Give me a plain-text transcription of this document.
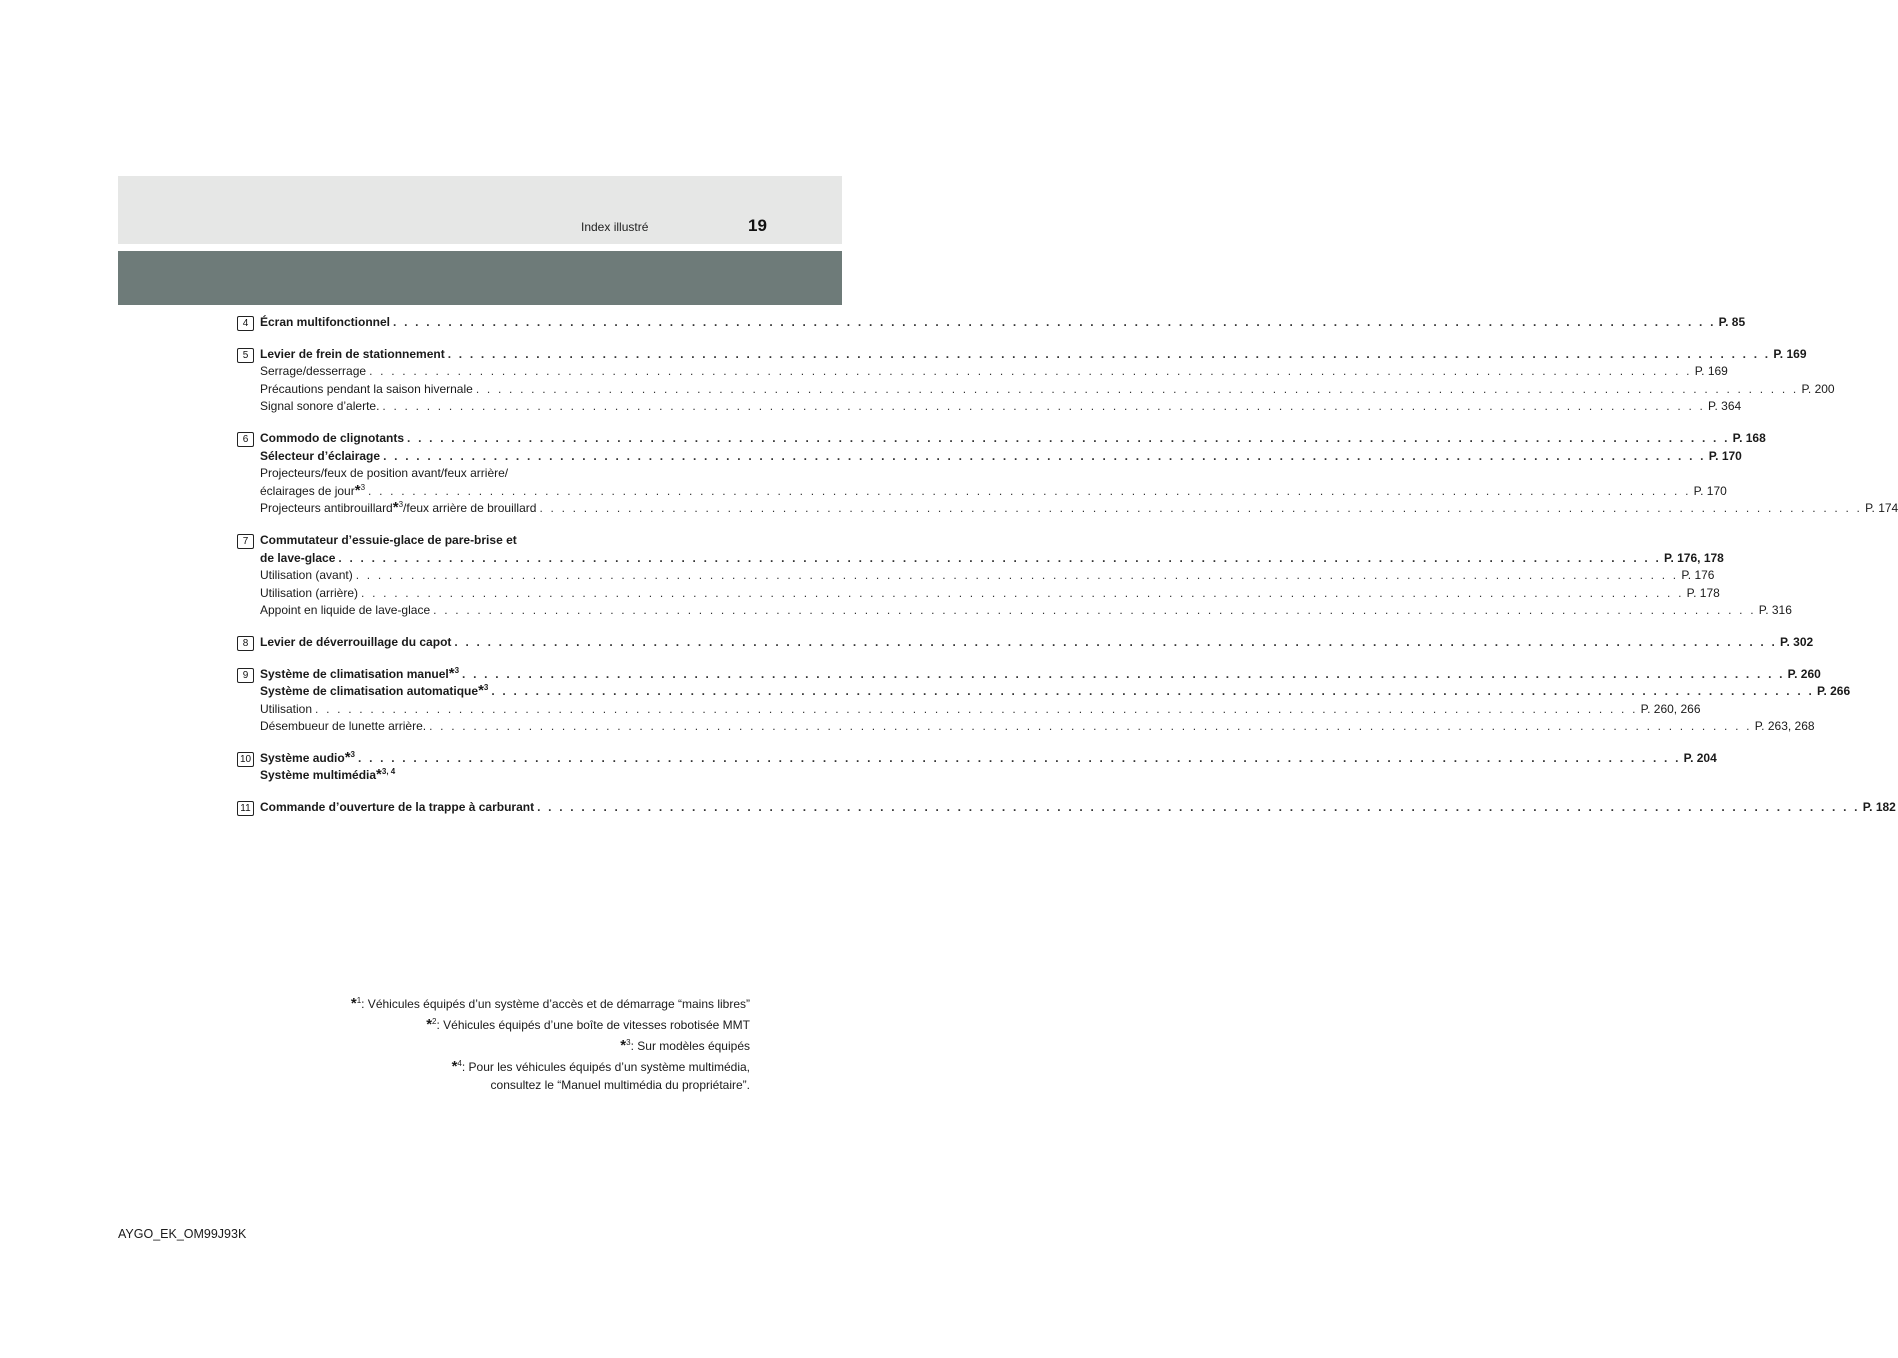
Index illustré	19
4 Écran multifonctionnel . . . . . . . . . . . . . . . . . . . . . . . . . . . . . . . . . . . . . . . . . . . . . . . . . . . . . . . . . . . . . . . . . . . . . . . . . . . . . . . . . . . . . . . . . . . . . . . . . . . . . . . . . . . . . . . . . . . . . . . . P. 85
5 Levier de frein de stationnement . . . . . . . . . . . . . . . . . . . . . . . . . . . . . . . . . . . . . . . . . . . . . . . . . . . . . . . . . . . . . . . . . . . . . . . . . . . . . . . . . . . . . . . . . . . . . . . . . . . . . . . . . . . . . . . . . . . . . . . . P. 169
Serrage/desserrage . . . . . . . . . . . . . . . . . . . . . . . . . . . . . . . . . . . . . . . . . . . . . . . . . . . . . . . . . . . . . . . . . . . . . . . . . . . . . . . . . . . . . . . . . . . . . . . . . . . . . . . . . . . . . . . . . . . . . . . . P. 169
Précautions pendant la saison hivernale . . . . . . . . . . . . . . . . . . . . . . . . . . . . . . . . . . . . . . . . . . . . . . . . . . . . . . . . . . . . . . . . . . . . . . . . . . . . . . . . . . . . . . . . . . . . . . . . . . . . . . . . . . . . . . . . . . . . . . . . P. 200
Signal sonore d’alerte. . . . . . . . . . . . . . . . . . . . . . . . . . . . . . . . . . . . . . . . . . . . . . . . . . . . . . . . . . . . . . . . . . . . . . . . . . . . . . . . . . . . . . . . . . . . . . . . . . . . . . . . . . . . . . . . . . . . . . . . . P. 364
6 Commodo de clignotants . . . . . . . . . . . . . . . . . . . . . . . . . . . . . . . . . . . . . . . . . . . . . . . . . . . . . . . . . . . . . . . . . . . . . . . . . . . . . . . . . . . . . . . . . . . . . . . . . . . . . . . . . . . . . . . . . . . . . . . . P. 168
Sélecteur d’éclairage . . . . . . . . . . . . . . . . . . . . . . . . . . . . . . . . . . . . . . . . . . . . . . . . . . . . . . . . . . . . . . . . . . . . . . . . . . . . . . . . . . . . . . . . . . . . . . . . . . . . . . . . . . . . . . . . . . . . . . . . P. 170
Projecteurs/feux de position avant/feux arrière/
éclairages de jour*$^3$ . . . . . . . . . . . . . . . . . . . . . . . . . . . . . . . . . . . . . . . . . . . . . . . . . . . . . . . . . . . . . . . . . . . . . . . . . . . . . . . . . . . . . . . . . . . . . . . . . . . . . . . . . . . . . . . . . . . . . . . . P. 170
Projecteurs antibrouillard*$^3$/feux arrière de brouillard . . . . . . . . . . . . . . . . . . . . . . . . . . . . . . . . . . . . . . . . . . . . . . . . . . . . . . . . . . . . . . . . . . . . . . . . . . . . . . . . . . . . . . . . . . . . . . . . . . . . . . . . . . . . . . . . . . . . . . . . P. 174
7 Commutateur d’essuie-glace de pare-brise et
de lave-glace . . . . . . . . . . . . . . . . . . . . . . . . . . . . . . . . . . . . . . . . . . . . . . . . . . . . . . . . . . . . . . . . . . . . . . . . . . . . . . . . . . . . . . . . . . . . . . . . . . . . . . . . . . . . . . . . . . . . . . . . P. 176, 178
Utilisation (avant) . . . . . . . . . . . . . . . . . . . . . . . . . . . . . . . . . . . . . . . . . . . . . . . . . . . . . . . . . . . . . . . . . . . . . . . . . . . . . . . . . . . . . . . . . . . . . . . . . . . . . . . . . . . . . . . . . . . . . . . . P. 176
Utilisation (arrière) . . . . . . . . . . . . . . . . . . . . . . . . . . . . . . . . . . . . . . . . . . . . . . . . . . . . . . . . . . . . . . . . . . . . . . . . . . . . . . . . . . . . . . . . . . . . . . . . . . . . . . . . . . . . . . . . . . . . . . . . P. 178
Appoint en liquide de lave-glace . . . . . . . . . . . . . . . . . . . . . . . . . . . . . . . . . . . . . . . . . . . . . . . . . . . . . . . . . . . . . . . . . . . . . . . . . . . . . . . . . . . . . . . . . . . . . . . . . . . . . . . . . . . . . . . . . . . . . . . . P. 316
8 Levier de déverrouillage du capot . . . . . . . . . . . . . . . . . . . . . . . . . . . . . . . . . . . . . . . . . . . . . . . . . . . . . . . . . . . . . . . . . . . . . . . . . . . . . . . . . . . . . . . . . . . . . . . . . . . . . . . . . . . . . . . . . . . . . . . . P. 302
9 Système de climatisation manuel*$^3$ . . . . . . . . . . . . . . . . . . . . . . . . . . . . . . . . . . . . . . . . . . . . . . . . . . . . . . . . . . . . . . . . . . . . . . . . . . . . . . . . . . . . . . . . . . . . . . . . . . . . . . . . . . . . . . . . . . . . . . . . P. 260
Système de climatisation automatique*$^3$ . . . . . . . . . . . . . . . . . . . . . . . . . . . . . . . . . . . . . . . . . . . . . . . . . . . . . . . . . . . . . . . . . . . . . . . . . . . . . . . . . . . . . . . . . . . . . . . . . . . . . . . . . . . . . . . . . . . . . . . . P. 266
Utilisation . . . . . . . . . . . . . . . . . . . . . . . . . . . . . . . . . . . . . . . . . . . . . . . . . . . . . . . . . . . . . . . . . . . . . . . . . . . . . . . . . . . . . . . . . . . . . . . . . . . . . . . . . . . . . . . . . . . . . . . . P. 260, 266
Désembueur de lunette arrière. . . . . . . . . . . . . . . . . . . . . . . . . . . . . . . . . . . . . . . . . . . . . . . . . . . . . . . . . . . . . . . . . . . . . . . . . . . . . . . . . . . . . . . . . . . . . . . . . . . . . . . . . . . . . . . . . . . . . . . . . P. 263, 268
10 Système audio*$^3$ . . . . . . . . . . . . . . . . . . . . . . . . . . . . . . . . . . . . . . . . . . . . . . . . . . . . . . . . . . . . . . . . . . . . . . . . . . . . . . . . . . . . . . . . . . . . . . . . . . . . . . . . . . . . . . . . . . . . . . . . P. 204
Système multimédia*$^{3, 4}$
11 Commande d’ouverture de la trappe à carburant . . . . . . . . . . . . . . . . . . . . . . . . . . . . . . . . . . . . . . . . . . . . . . . . . . . . . . . . . . . . . . . . . . . . . . . . . . . . . . . . . . . . . . . . . . . . . . . . . . . . . . . . . . . . . . . . . . . . . . . . P. 182
*$^1$: Véhicules équipés d’un système d’accès et de démarrage “mains libres”
*$^2$: Véhicules équipés d’une boîte de vitesses robotisée MMT
*$^3$: Sur modèles équipés
*$^4$: Pour les véhicules équipés d’un système multimédia,
consultez le “Manuel multimédia du propriétaire”.
AYGO_EK_OM99J93K
